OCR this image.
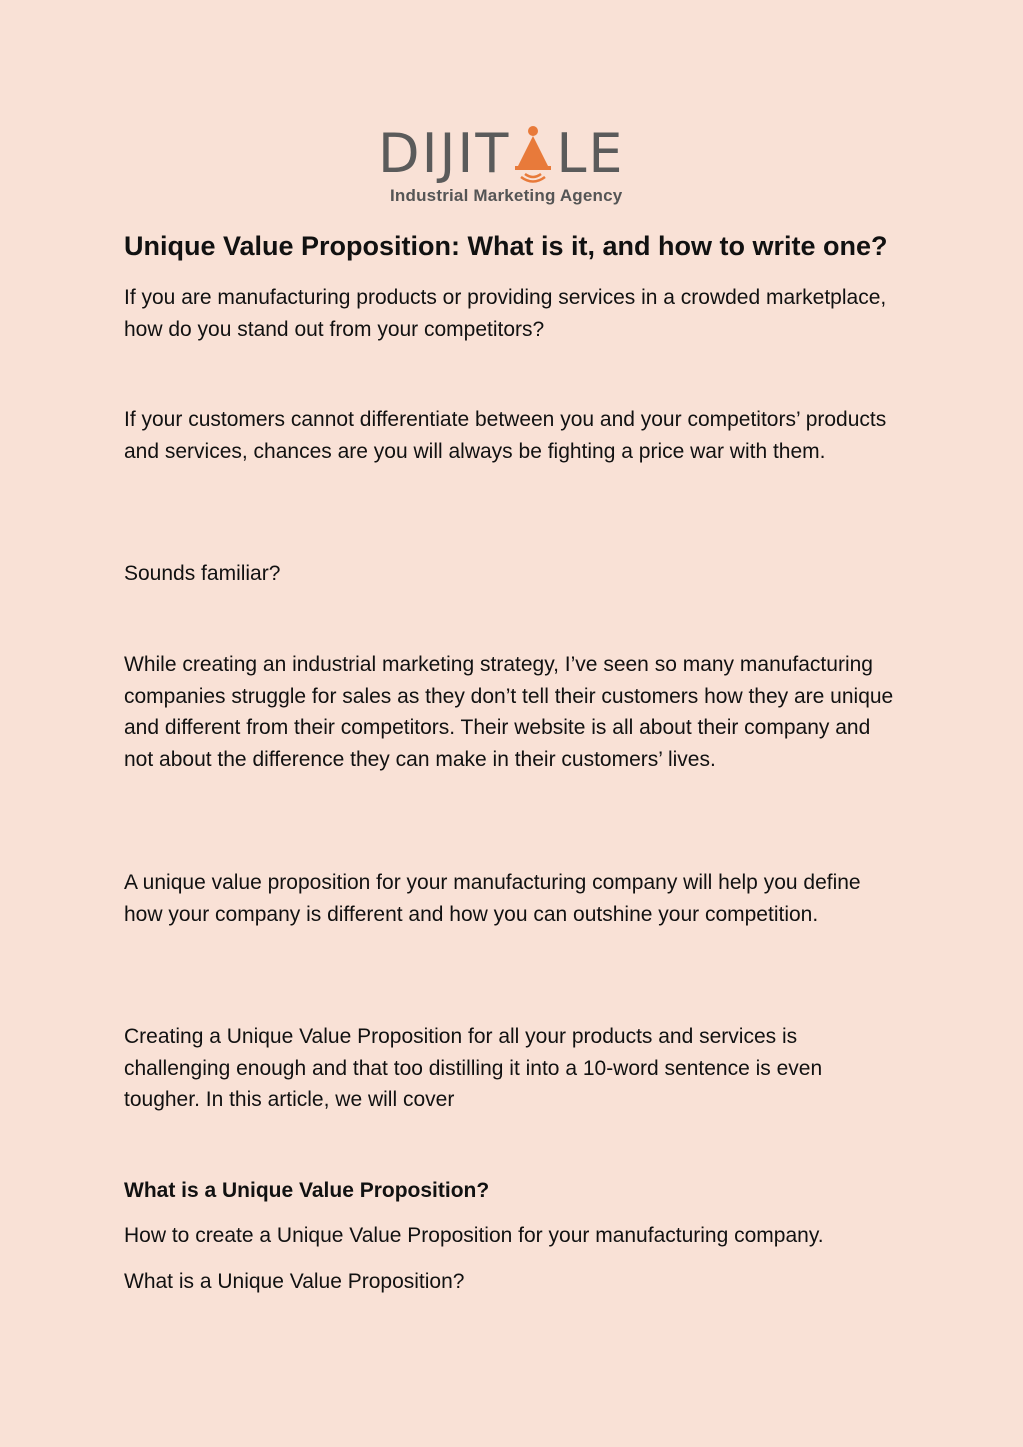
DIJIT LE
Industrial Marketing Agency
Unique Value Proposition: What is it, and how to write one?

If you are manufacturing products or providing services in a crowded marketplace, how do you stand out from your competitors?

If your customers cannot differentiate between you and your competitors’ products and services, chances are you will always be fighting a price war with them.

Sounds familiar?

While creating an industrial marketing strategy, I’ve seen so many manufacturing companies struggle for sales as they don’t tell their customers how they are unique and different from their competitors. Their website is all about their company and not about the difference they can make in their customers’ lives.

A unique value proposition for your manufacturing company will help you define how your company is different and how you can outshine your competition.

Creating a Unique Value Proposition for all your products and services is challenging enough and that too distilling it into a 10-word sentence is even tougher. In this article, we will cover

What is a Unique Value Proposition?

How to create a Unique Value Proposition for your manufacturing company.

What is a Unique Value Proposition?
